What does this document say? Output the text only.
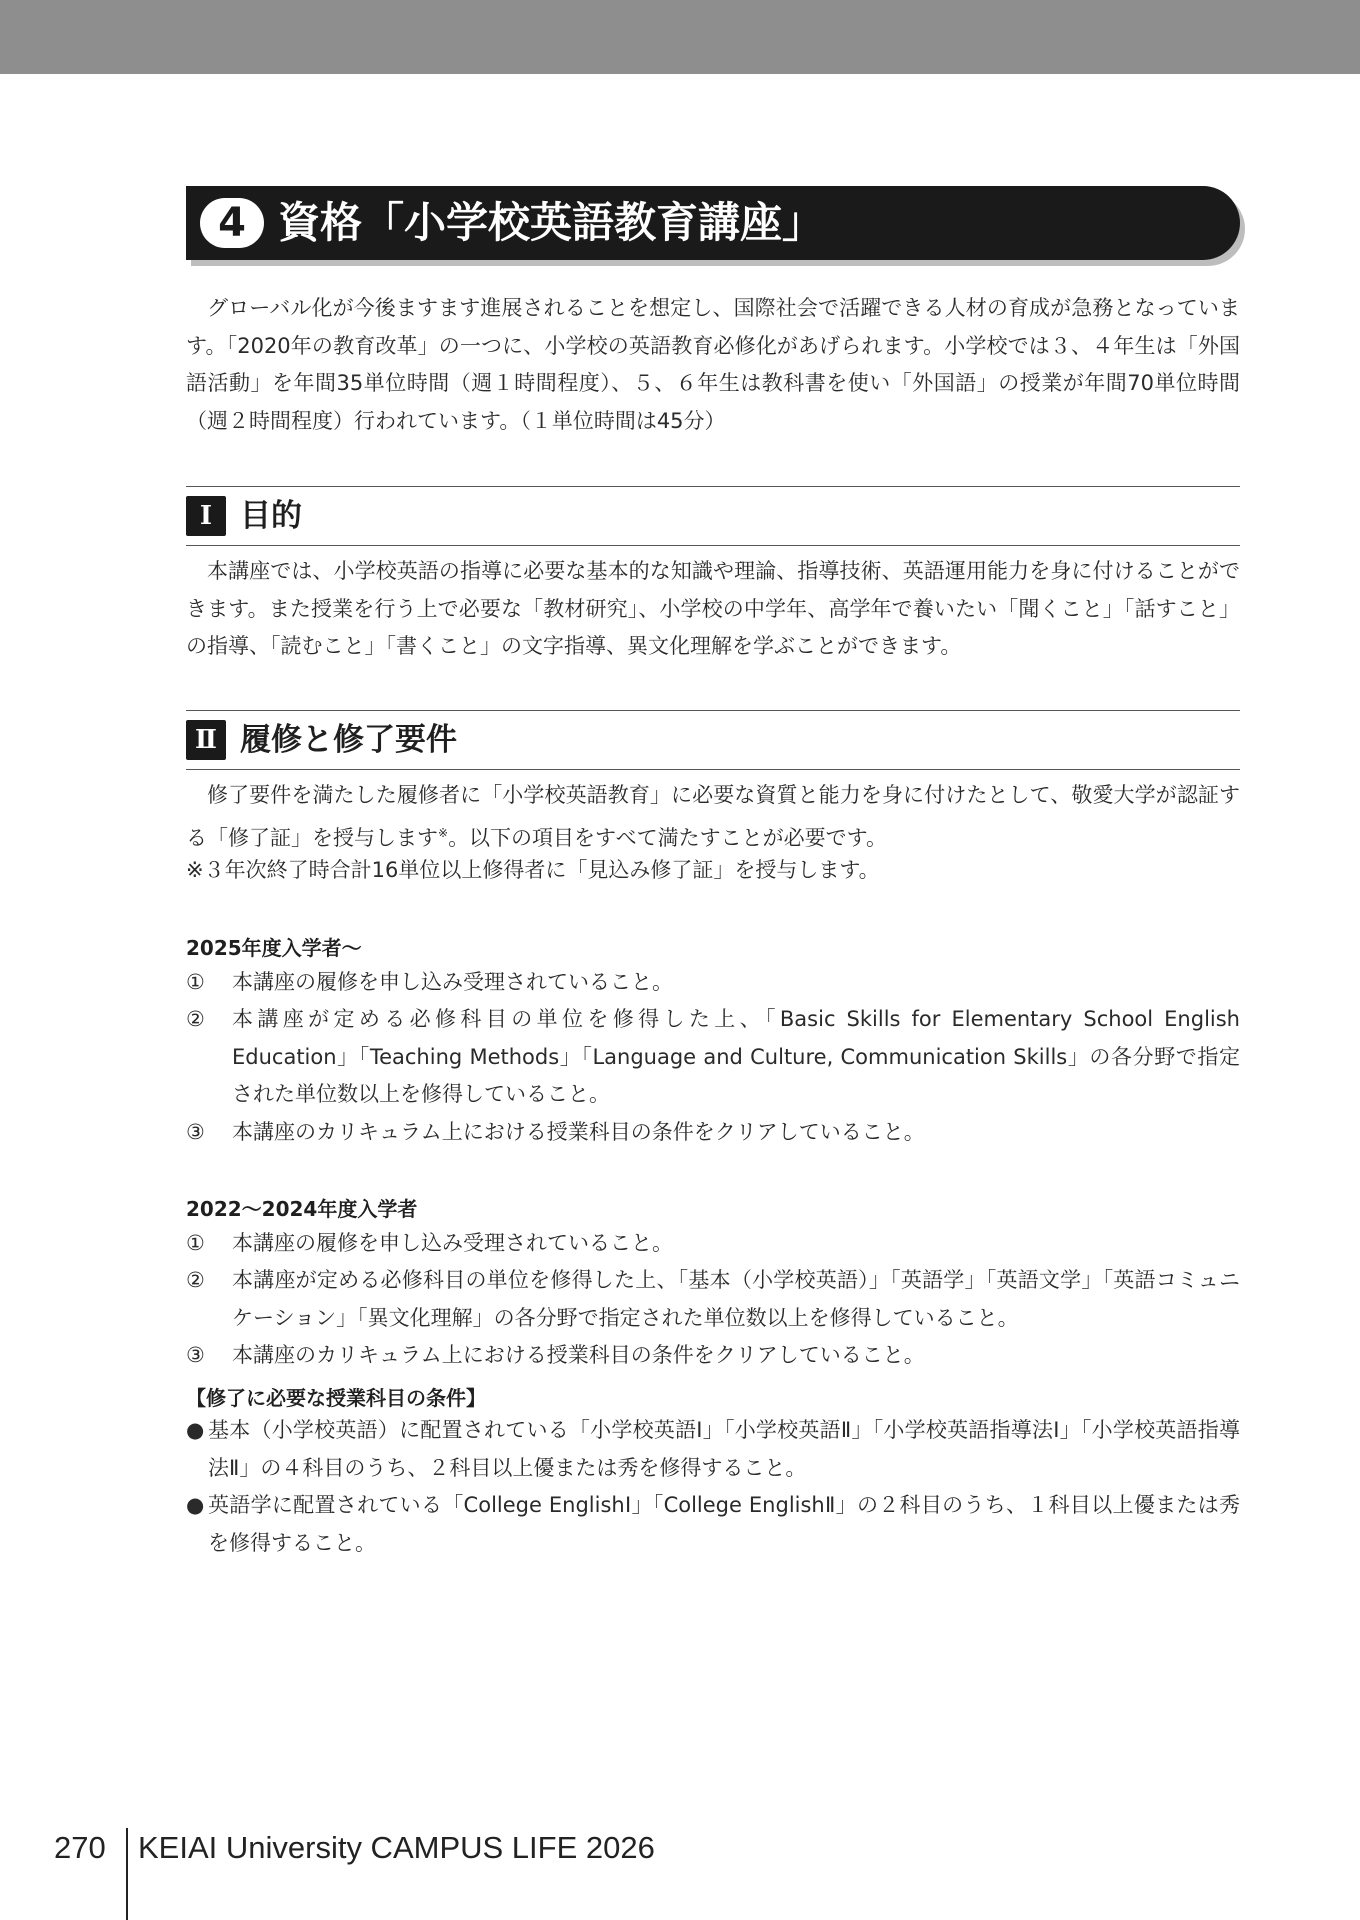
4 資格「小学校英語教育講座」

グローバル化が今後ますます進展されることを想定し、国際社会で活躍できる人材の育成が急務となっています。「2020年の教育改革」の一つに、小学校の英語教育必修化があげられます。小学校では３、４年生は「外国語活動」を年間35単位時間（週１時間程度）、５、６年生は教科書を使い「外国語」の授業が年間70単位時間（週２時間程度）行われています。（１単位時間は45分）

Ⅰ 目的

本講座では、小学校英語の指導に必要な基本的な知識や理論、指導技術、英語運用能力を身に付けることができます。また授業を行う上で必要な「教材研究」、小学校の中学年、高学年で養いたい「聞くこと」「話すこと」の指導、「読むこと」「書くこと」の文字指導、異文化理解を学ぶことができます。

Ⅱ 履修と修了要件

修了要件を満たした履修者に「小学校英語教育」に必要な資質と能力を身に付けたとして、敬愛大学が認証する「修了証」を授与します※。以下の項目をすべて満たすことが必要です。

※３年次終了時合計16単位以上修得者に「見込み修了証」を授与します。

2025年度入学者～
①	本講座の履修を申し込み受理されていること。
②	本講座が定める必修科目の単位を修得した上、「Basic Skills for Elementary School English Education」「Teaching Methods」「Language and Culture, Communication Skills」の各分野で指定された単位数以上を修得していること。
③	本講座のカリキュラム上における授業科目の条件をクリアしていること。
2022～2024年度入学者
①	本講座の履修を申し込み受理されていること。
②	本講座が定める必修科目の単位を修得した上、「基本（小学校英語）」「英語学」「英語文学」「英語コミュニケーション」「異文化理解」の各分野で指定された単位数以上を修得していること。
③	本講座のカリキュラム上における授業科目の条件をクリアしていること。
【修了に必要な授業科目の条件】
● 基本（小学校英語）に配置されている「小学校英語Ⅰ」「小学校英語Ⅱ」「小学校英語指導法Ⅰ」「小学校英語指導法Ⅱ」の４科目のうち、２科目以上優または秀を修得すること。
● 英語学に配置されている「College EnglishⅠ」「College EnglishⅡ」の２科目のうち、１科目以上優または秀を修得すること。
270 KEIAI University CAMPUS LIFE 2026
